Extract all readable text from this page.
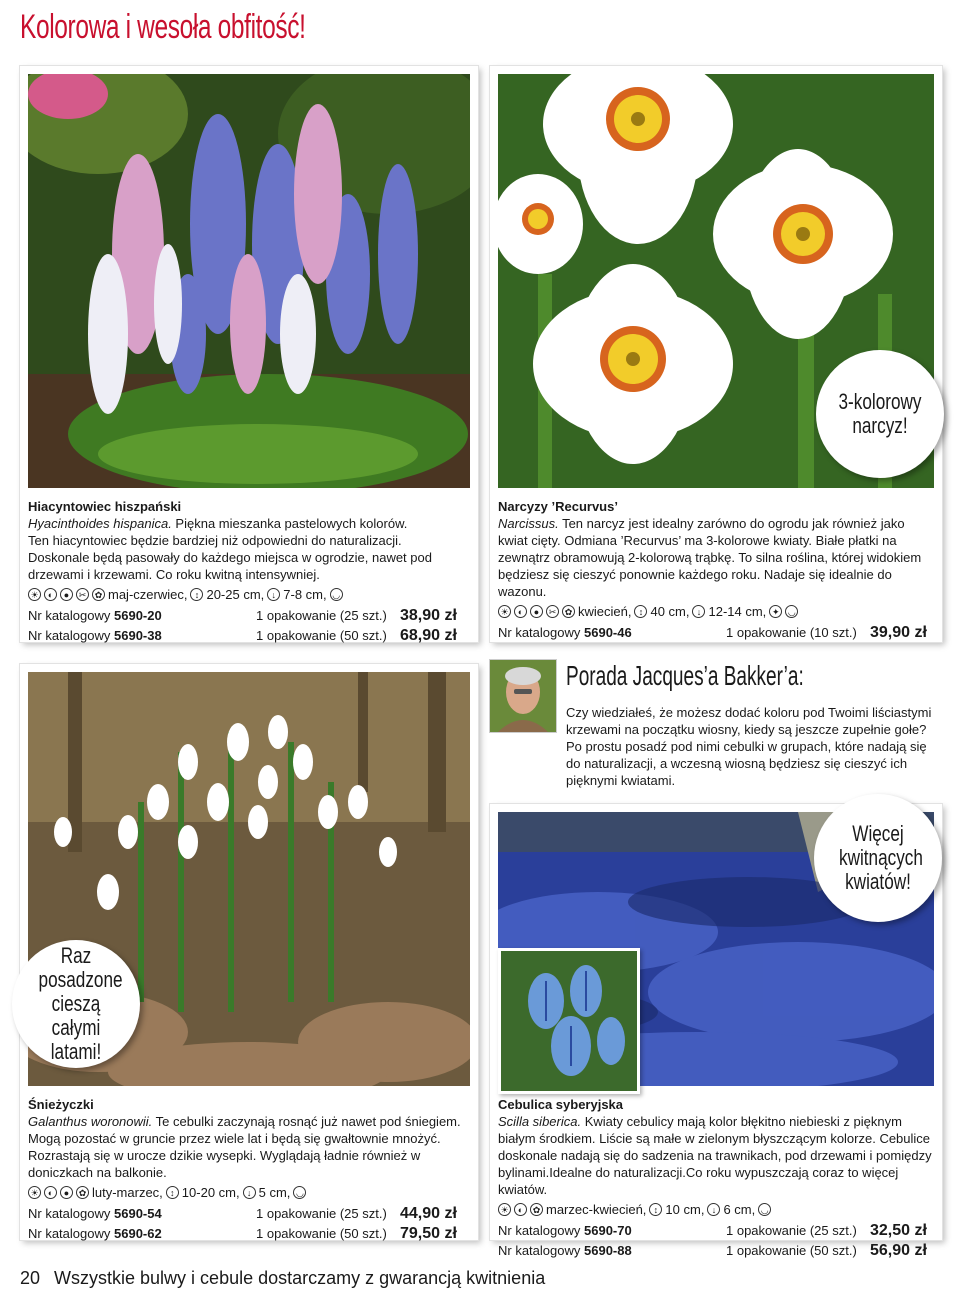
Kolorowa i wesoła obfitość!
Hiacyntowiec hiszpański
Hyacinthoides hispanica. Piękna mieszanka pastelowych kolorów.
Ten hiacyntowiec będzie bardziej niż odpowiedni do naturalizacji.
Doskonale będą pasowały do każdego miejsca w ogrodzie, nawet pod drzewami i krzewami. Co roku kwitną intensywniej.
☀	◐	●	✂ ✿ maj-czerwiec, ↕ 20-25 cm, ↓ 7-8 cm, ◡
Nr katalogowy 5690-20	1 opakowanie (25 szt.) 38,90 zł
Nr katalogowy 5690-38	1 opakowanie (50 szt.) 68,90 zł
3-kolorowy narcyz!
Narcyzy ’Recurvus’
Narcissus. Ten narcyz jest idealny zarówno do ogrodu jak również jako kwiat cięty. Odmiana ’Recurvus’ ma 3-kolorowe kwiaty. Białe płatki na zewnątrz obramowują 2-kolorową trąbkę. To silna roślina, której widokiem będziesz się cieszyć ponownie każdego roku. Nadaje się idealnie do wazonu.
☀	◐	●	✂ ✿ kwiecień, ↕ 40 cm, ↓ 12-14 cm, ✦ ◡
Nr katalogowy 5690-46	1 opakowanie (10 szt.) 39,90 zł
Porada Jacques’a Bakker’a:
Czy wiedziałeś, że możesz dodać koloru pod Twoimi liściastymi krzewami na początku wiosny, kiedy są jeszcze zupełnie gołe? Po prostu posadź pod nimi cebulki w grupach, które nadają się do naturalizacji, a wczesną wiosną będziesz się cieszyć ich pięknymi kwiatami.
Raz posadzone cieszą całymi latami!
Śnieżyczki
Galanthus woronowii. Te cebulki zaczynają rosnąć już nawet pod śniegiem. Mogą pozostać w gruncie przez wiele lat i będą się gwałtownie mnożyć. Rozrastają się w urocze dzikie wysepki. Wyglądają ładnie również w doniczkach na balkonie.
☀	◐	●	✿ luty-marzec, ↕ 10-20 cm, ↓ 5 cm, ◡
Nr katalogowy 5690-54	1 opakowanie (25 szt.) 44,90 zł
Nr katalogowy 5690-62	1 opakowanie (50 szt.) 79,50 zł
Więcej kwitnących kwiatów!
Cebulica syberyjska
Scilla siberica. Kwiaty cebulicy mają kolor błękitno niebieski z pięknym białym środkiem. Liście są małe w zielonym błyszczącym kolorze. Cebulice doskonale nadają się do sadzenia na trawnikach, pod drzewami i pomiędzy bylinami.Idealne do naturalizacji.Co roku wypuszczają coraz to więcej kwiatów.
☀	◐	✿ marzec-kwiecień, ↕ 10 cm, ↓ 6 cm, ◡
Nr katalogowy 5690-70	1 opakowanie (25 szt.) 32,50 zł
Nr katalogowy 5690-88	1 opakowanie (50 szt.) 56,90 zł
20 Wszystkie bulwy i cebule dostarczamy z gwarancją kwitnienia
